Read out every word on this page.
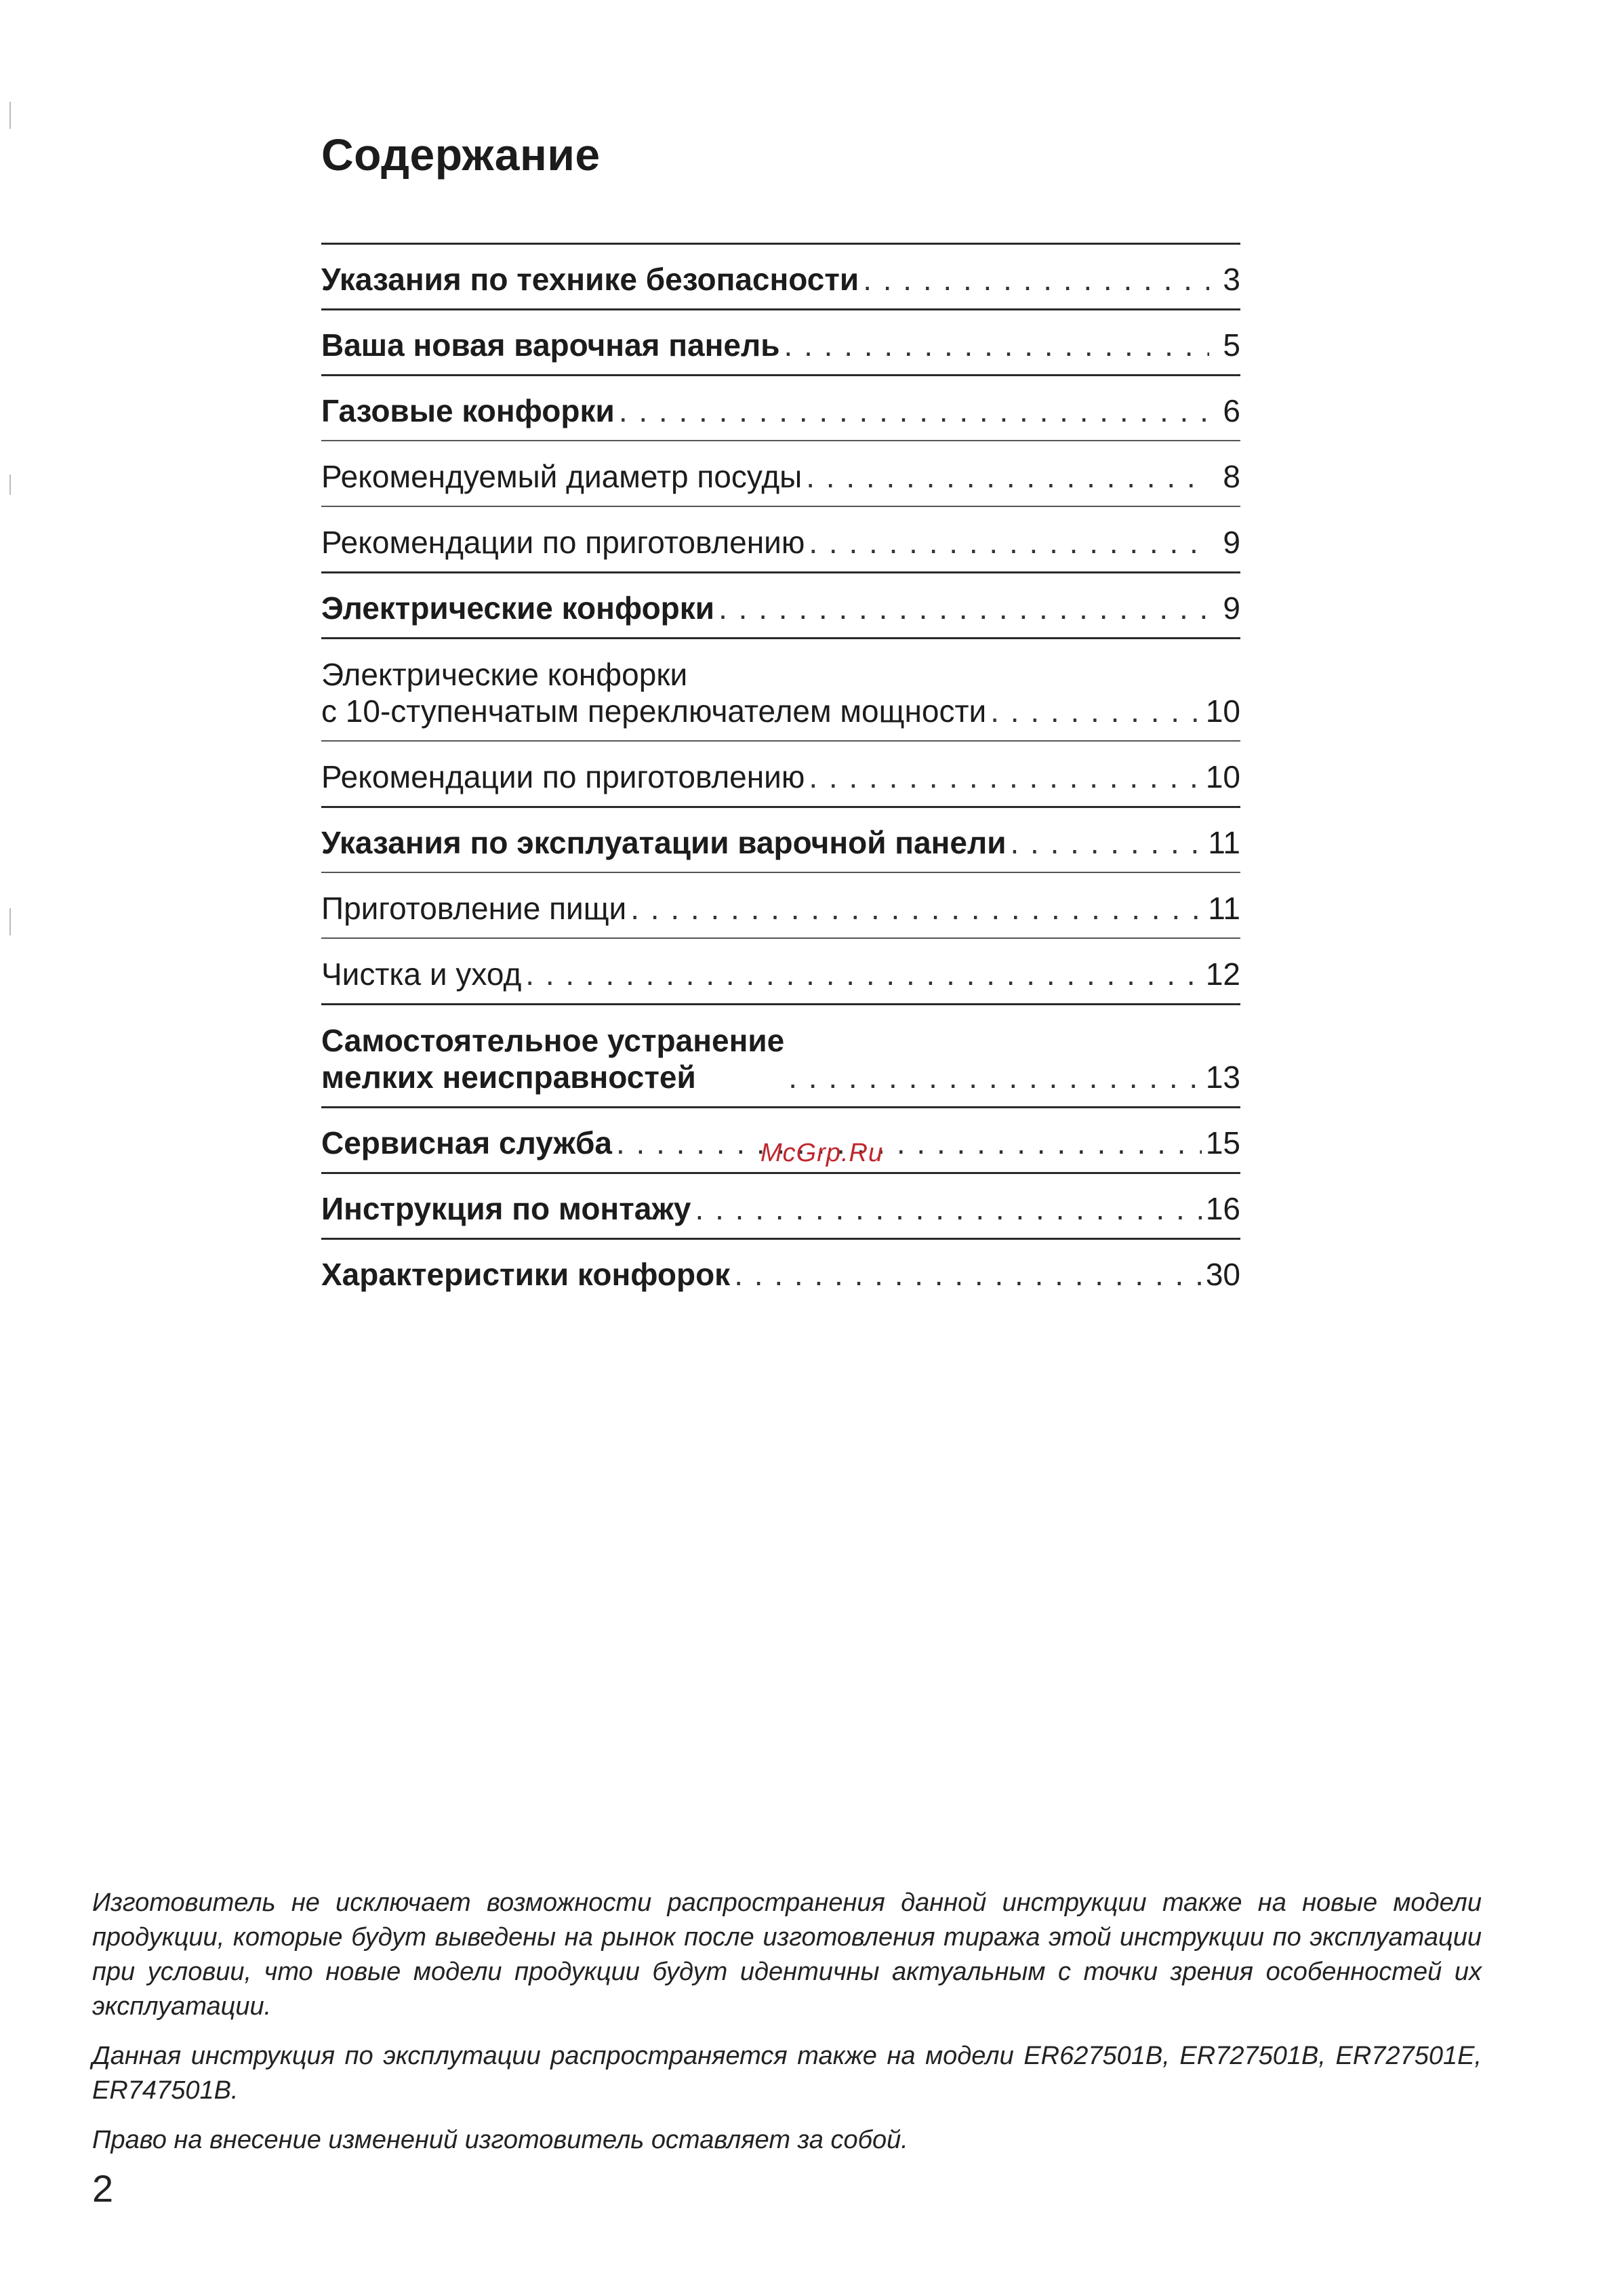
Содержание
Указания по технике безопасности . . .	3
Ваша новая варочная панель . . .	5
Газовые конфорки . . .	6
Рекомендуемый диаметр посуды . . .	8
Рекомендации по приготовлению . . .	9
Электрические конфорки . . .	9
Электрические конфорки
с 10-ступенчатым переключателем мощности . . .	10
Рекомендации по приготовлению . . .	10
Указания по эксплуатации варочной панели . . .	11
Приготовление пищи . . .	11
Чистка и уход . . .	12
Самостоятельное устранение
мелких неисправностей . . .	13
Сервисная служба . . .	15
Инструкция по монтажу . . .	16
Характеристики конфорок . . .	30
McGrp.Ru

Изготовитель не исключает возможности распространения данной инструкции также на новые модели продукции, которые будут выведены на рынок после изготовления тиража этой инструкции по эксплуатации при условии, что новые модели продукции будут идентичны актуальным с точки зрения особенностей их эксплуатации.

Данная инструкция по эксплутации распространяется также на модели ER627501B, ER727501B, ER727501E, ER747501B.

Право на внесение изменений изготовитель оставляет за собой.

2
